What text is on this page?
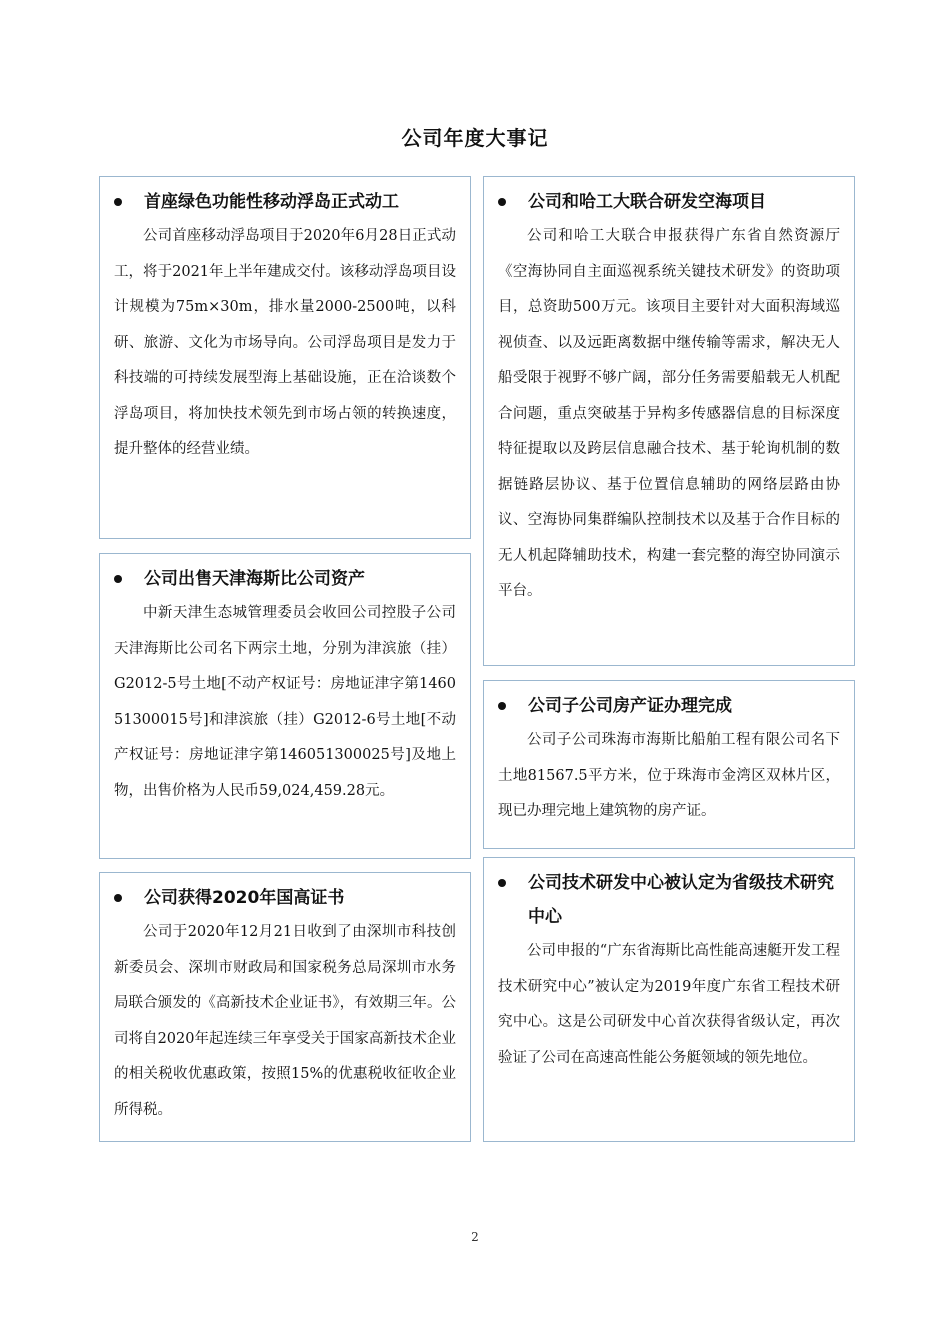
公司年度大事记
首座绿色功能性移动浮岛正式动工

公司首座移动浮岛项目于2020年6月28日正式动工，将于2021年上半年建成交付。该移动浮岛项目设计规模为75m×30m，排水量2000-2500吨，以科研、旅游、文化为市场导向。公司浮岛项目是发力于科技端的可持续发展型海上基础设施，正在洽谈数个浮岛项目，将加快技术领先到市场占领的转换速度，提升整体的经营业绩。

公司出售天津海斯比公司资产

中新天津生态城管理委员会收回公司控股子公司天津海斯比公司名下两宗土地，分别为津滨旅（挂）G2012-5号土地[不动产权证号：房地证津字第146051300015号]和津滨旅（挂）G2012-6号土地[不动产权证号：房地证津字第146051300025号]及地上物，出售价格为人民币59,024,459.28元。

公司获得2020年国高证书

公司于2020年12月21日收到了由深圳市科技创新委员会、深圳市财政局和国家税务总局深圳市水务局联合颁发的《高新技术企业证书》，有效期三年。公司将自2020年起连续三年享受关于国家高新技术企业的相关税收优惠政策，按照15%的优惠税收征收企业所得税。

公司和哈工大联合研发空海项目

公司和哈工大联合申报获得广东省自然资源厅《空海协同自主面巡视系统关键技术研发》的资助项目，总资助500万元。该项目主要针对大面积海域巡视侦查、以及远距离数据中继传输等需求，解决无人船受限于视野不够广阔，部分任务需要船载无人机配合问题，重点突破基于异构多传感器信息的目标深度特征提取以及跨层信息融合技术、基于轮询机制的数据链路层协议、基于位置信息辅助的网络层路由协议、空海协同集群编队控制技术以及基于合作目标的无人机起降辅助技术，构建一套完整的海空协同演示平台。

公司子公司房产证办理完成

公司子公司珠海市海斯比船舶工程有限公司名下土地81567.5平方米，位于珠海市金湾区双林片区，现已办理完地上建筑物的房产证。

公司技术研发中心被认定为省级技术研究中心

公司申报的“广东省海斯比高性能高速艇开发工程技术研究中心”被认定为2019年度广东省工程技术研究中心。这是公司研发中心首次获得省级认定，再次验证了公司在高速高性能公务艇领域的领先地位。

2
